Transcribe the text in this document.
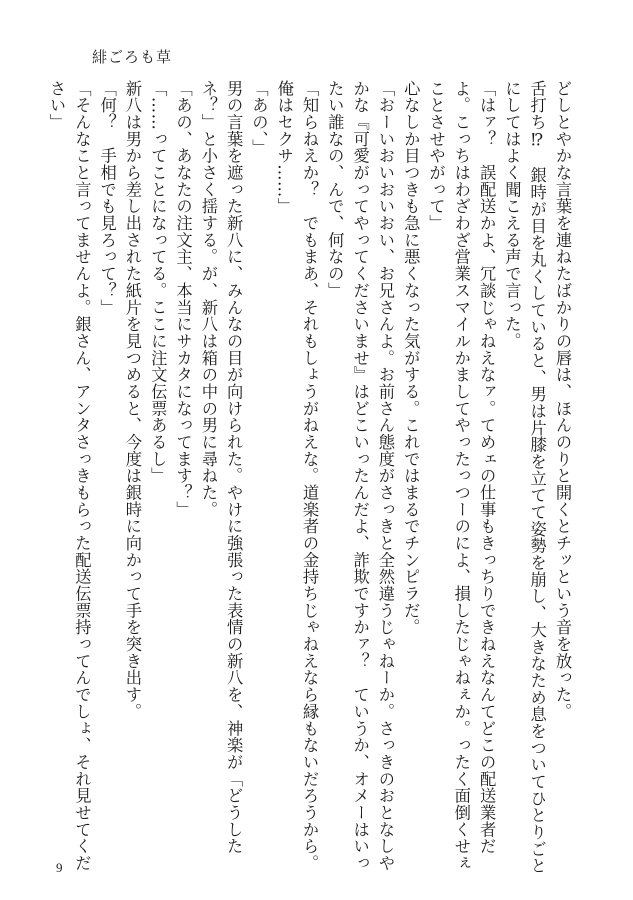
緋ごろも草

どしとやかな言葉を連ねたばかりの唇は、ほんのりと開くとチッという音を放った。

舌打ち⁉　銀時が目を丸くしていると、男は片膝を立てて姿勢を崩し、大きなため息をついてひとりごとにしてはよく聞こえる声で言った。

「はァ？　誤配送かよ、冗談じゃねえなァ。てめェの仕事もきっちりできねえなんてどこの配送業者だよ。こっちはわざわざ営業スマイルかましてやったっつーのによ、損したじゃねぇか。ったく面倒くせぇことさせやがって」

心なしか目つきも急に悪くなった気がする。これではまるでチンピラだ。

「おーいおいおいおい、お兄さんよ。お前さん態度がさっきと全然違うじゃねーか。さっきのおとなしやかな『可愛がってやってくださいませ』はどこいったんだよ、詐欺ですかァ？　ていうか、オメーはいったい誰なの、んで、何なの」

「知らねえか？　でもまあ、それもしょうがねえな。道楽者の金持ちじゃねえなら縁もないだろうから。俺はセクサ……」

「あの、」

男の言葉を遮った新八に、みんなの目が向けられた。やけに強張った表情の新八を、神楽が「どうしたネ？」と小さく揺する。が、新八は箱の中の男に尋ねた。

「あの、あなたの注文主、本当にサカタになってます？」

「……ってことになってる。ここに注文伝票あるし」

新八は男から差し出された紙片を見つめると、今度は銀時に向かって手を突き出す。

「何？　手相でも見ろって？」

「そんなこと言ってませんよ。銀さん、アンタさっきもらった配送伝票持ってんでしょ、それ見せてください」

9
